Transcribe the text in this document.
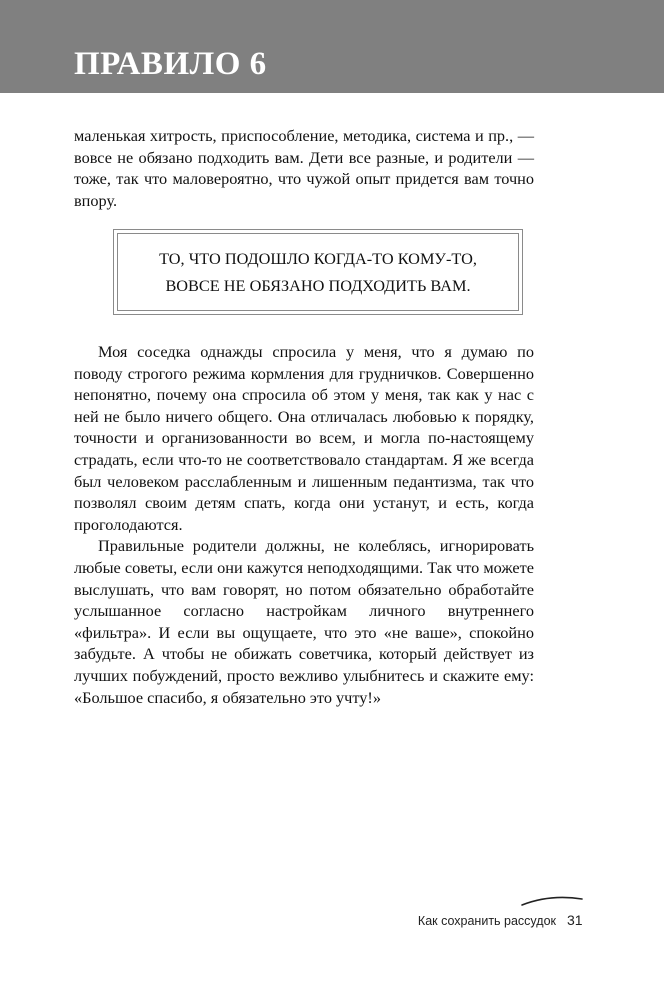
ПРАВИЛО 6

маленькая хитрость, приспособление, методика, система и пр., — вовсе не обязано подходить вам. Дети все разные, и родители — тоже, так что маловероятно, что чужой опыт придется вам точно впору.

ТО, ЧТО ПОДОШЛО КОГДА-ТО КОМУ-ТО,
ВОВСЕ НЕ ОБЯЗАНО ПОДХОДИТЬ ВАМ.

Моя соседка однажды спросила у меня, что я думаю по поводу строгого режима кормления для грудничков. Совершенно непонятно, почему она спросила об этом у меня, так как у нас с ней не было ничего общего. Она отличалась любовью к порядку, точности и организованности во всем, и могла по-настоящему страдать, если что-то не соответствовало стандартам. Я же всегда был человеком расслабленным и лишенным педантизма, так что позволял своим детям спать, когда они устанут, и есть, когда проголодаются.

Правильные родители должны, не колеблясь, игнорировать любые советы, если они кажутся неподходящими. Так что можете выслушать, что вам говорят, но потом обязательно обработайте услышанное согласно настройкам личного внутреннего «фильтра». И если вы ощущаете, что это «не ваше», спокойно забудьте. А чтобы не обижать советчика, который действует из лучших побуждений, просто вежливо улыбнитесь и скажите ему: «Большое спасибо, я обязательно это учту!»

Как сохранить рассудок 31
